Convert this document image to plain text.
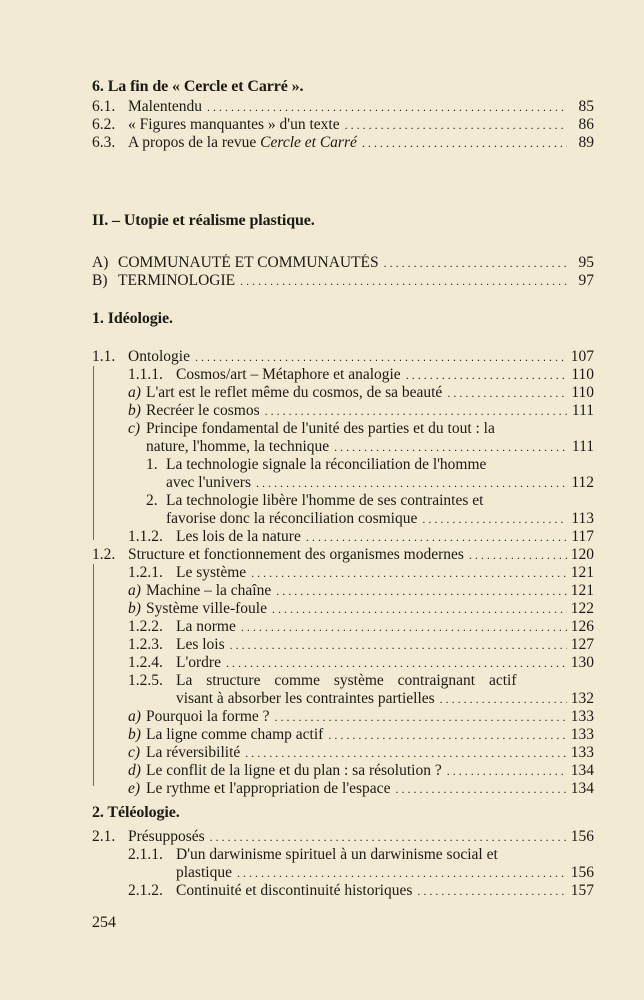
6. La fin de « Cercle et Carré ».
6.1. Malentendu . . .	85
6.2. « Figures manquantes » d'un texte . . .	86
6.3. A propos de la revue Cercle et Carré . . .	89
II. – Utopie et réalisme plastique.
A) COMMUNAUTÉ ET COMMUNAUTÉS . . .	95
B) TERMINOLOGIE . . .	97
1. Idéologie.
1.1. Ontologie . . .	107
1.1.1. Cosmos/art – Métaphore et analogie . . .	110
a) L'art est le reflet même du cosmos, de sa beauté . . .	110
b) Recréer le cosmos . . .	111
c) Principe fondamental de l'unité des parties et du tout : la
nature, l'homme, la technique . . .	111
1. La technologie signale la réconciliation de l'homme
avec l'univers . . .	112
2. La technologie libère l'homme de ses contraintes et
favorise donc la réconciliation cosmique . . .	113
1.1.2. Les lois de la nature . . .	117
1.2. Structure et fonctionnement des organismes modernes . . .	120
1.2.1. Le système . . .	121
a) Machine – la chaîne . . .	121
b) Système ville-foule . . .	122
1.2.2. La norme . . .	126
1.2.3. Les lois . . .	127
1.2.4. L'ordre . . .	130
1.2.5. La structure comme système contraignant actif
visant à absorber les contraintes partielles . . .	132
a) Pourquoi la forme ? . . .	133
b) La ligne comme champ actif . . .	133
c) La réversibilité . . .	133
d) Le conflit de la ligne et du plan : sa résolution ? . . .	134
e) Le rythme et l'appropriation de l'espace . . .	134
2. Téléologie.
2.1. Présupposés . . .	156
2.1.1. D'un darwinisme spirituel à un darwinisme social et
plastique . . .	156
2.1.2. Continuité et discontinuité historiques . . .	157
254
